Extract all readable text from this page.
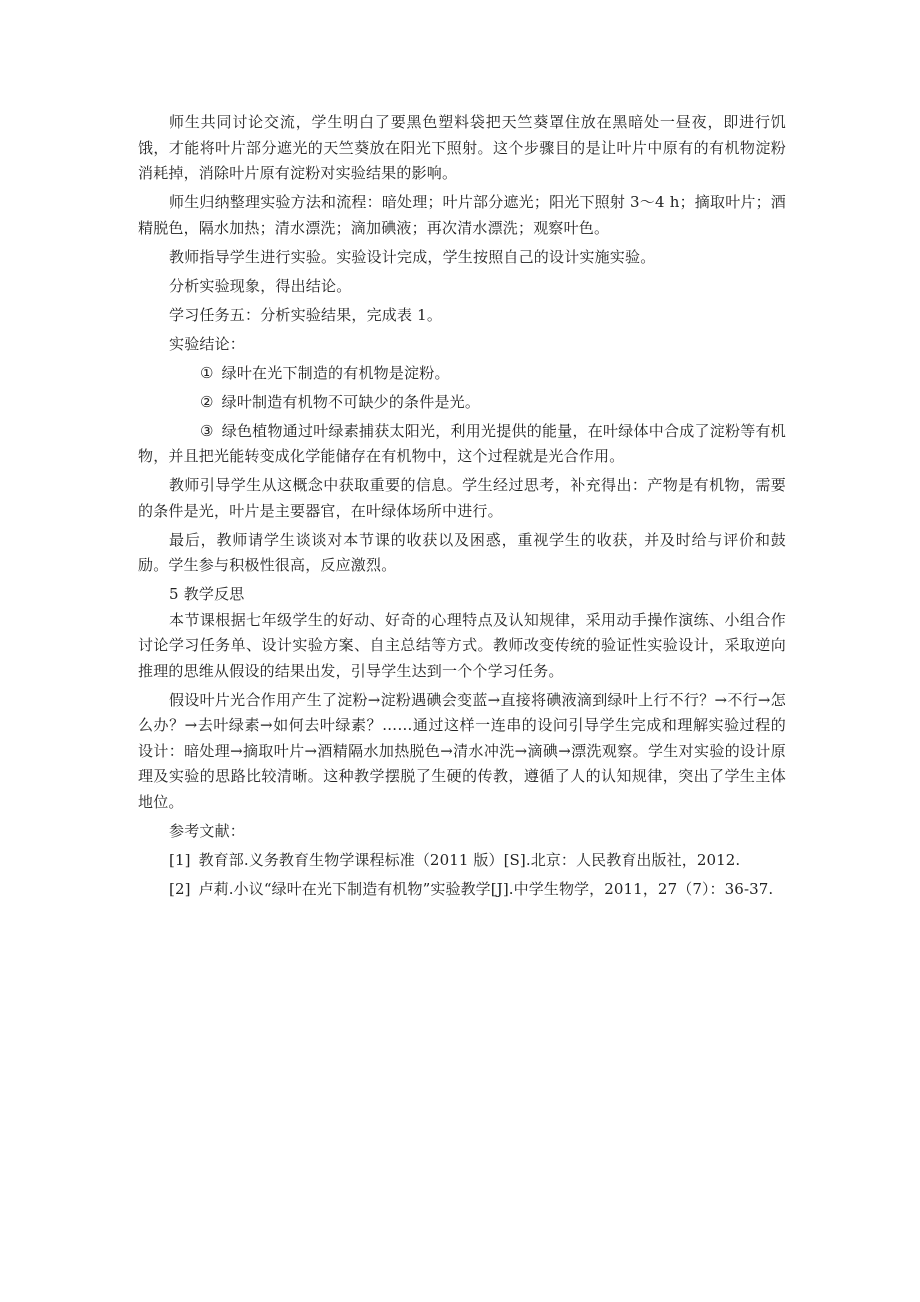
师生共同讨论交流，学生明白了要黑色塑料袋把天竺葵罩住放在黑暗处一昼夜，即进行饥饿，才能将叶片部分遮光的天竺葵放在阳光下照射。这个步骤目的是让叶片中原有的有机物淀粉消耗掉，消除叶片原有淀粉对实验结果的影响。

师生归纳整理实验方法和流程：暗处理；叶片部分遮光；阳光下照射 3～4 h；摘取叶片；酒精脱色，隔水加热；清水漂洗；滴加碘液；再次清水漂洗；观察叶色。

教师指导学生进行实验。实验设计完成，学生按照自己的设计实施实验。

分析实验现象，得出结论。

学习任务五：分析实验结果，完成表 1。

实验结论：

① 绿叶在光下制造的有机物是淀粉。

② 绿叶制造有机物不可缺少的条件是光。

③ 绿色植物通过叶绿素捕获太阳光，利用光提供的能量，在叶绿体中合成了淀粉等有机物，并且把光能转变成化学能储存在有机物中，这个过程就是光合作用。

教师引导学生从这概念中获取重要的信息。学生经过思考，补充得出：产物是有机物，需要的条件是光，叶片是主要器官，在叶绿体场所中进行。

最后，教师请学生谈谈对本节课的收获以及困惑，重视学生的收获，并及时给与评价和鼓励。学生参与积极性很高，反应激烈。

5 教学反思

本节课根据七年级学生的好动、好奇的心理特点及认知规律，采用动手操作演练、小组合作讨论学习任务单、设计实验方案、自主总结等方式。教师改变传统的验证性实验设计，采取逆向推理的思维从假设的结果出发，引导学生达到一个个学习任务。

假设叶片光合作用产生了淀粉→淀粉遇碘会变蓝→直接将碘液滴到绿叶上行不行？→不行→怎么办？→去叶绿素→如何去叶绿素？……通过这样一连串的设问引导学生完成和理解实验过程的设计：暗处理→摘取叶片→酒精隔水加热脱色→清水冲洗→滴碘→漂洗观察。学生对实验的设计原理及实验的思路比较清晰。这种教学摆脱了生硬的传教，遵循了人的认知规律，突出了学生主体地位。

参考文献：

[1] 教育部.义务教育生物学课程标准（2011 版）[S].北京：人民教育出版社，2012.

[2] 卢莉.小议“绿叶在光下制造有机物”实验教学[J].中学生物学，2011，27（7）：36-37.
